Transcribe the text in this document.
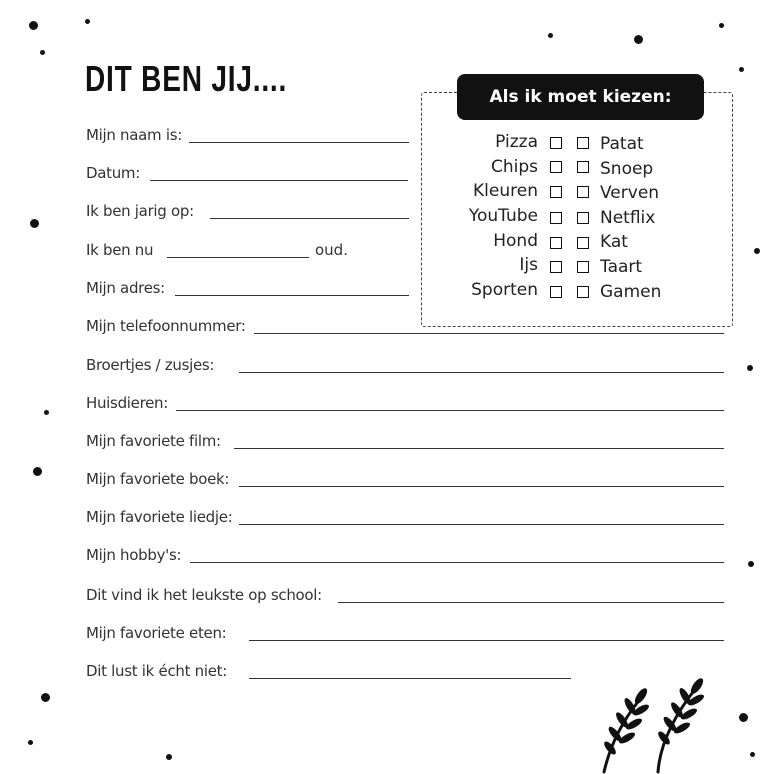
DIT BEN JIJ....
Mijn naam is:
Datum:
Ik ben jarig op:
Ik ben nu	oud.
Mijn adres:
Mijn telefoonnummer:
Broertjes / zusjes:
Huisdieren:
Mijn favoriete film:
Mijn favoriete boek:
Mijn favoriete liedje:
Mijn hobby's:
Dit vind ik het leukste op school:
Mijn favoriete eten:
Dit lust ik écht niet:
Als ik moet kiezen:
Pizza	Patat
Chips	Snoep
Kleuren	Verven
YouTube	Netflix
Hond	Kat
Ijs	Taart
Sporten	Gamen
